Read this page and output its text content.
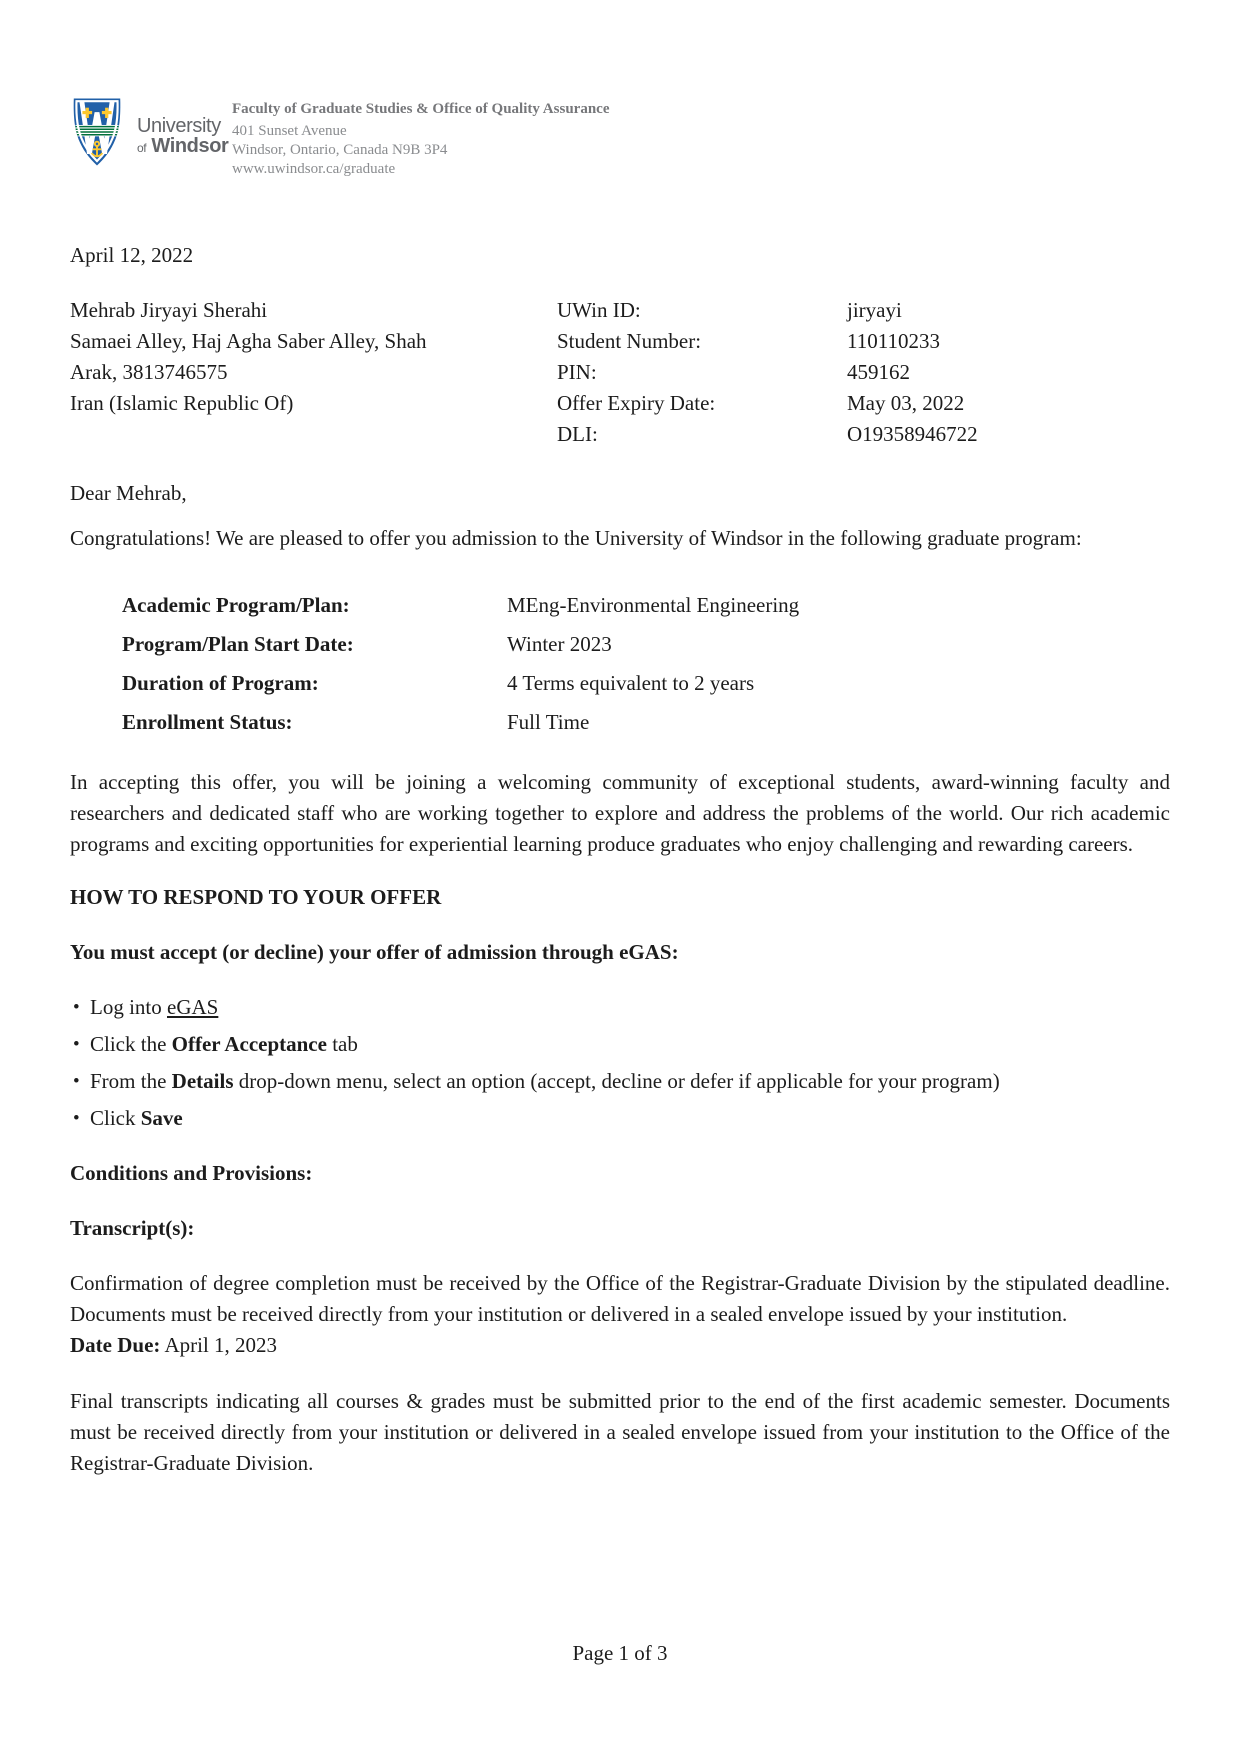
University
of Windsor
Faculty of Graduate Studies & Office of Quality Assurance
401 Sunset Avenue
Windsor, Ontario, Canada N9B 3P4
www.uwindsor.ca/graduate

April 12, 2022

Mehrab Jiryayi Sherahi
Samaei Alley, Haj Agha Saber Alley, Shah
Arak, 3813746575
Iran (Islamic Republic Of)
UWin ID:	jiryayi
Student Number:	110110233
PIN:	459162
Offer Expiry Date:	May 03, 2022
DLI:	O19358946722

Dear Mehrab,

Congratulations! We are pleased to offer you admission to the University of Windsor in the following graduate program:

Academic Program/Plan:	MEng-Environmental Engineering
Program/Plan Start Date:	Winter 2023
Duration of Program:	4 Terms equivalent to 2 years
Enrollment Status:	Full Time

In accepting this offer, you will be joining a welcoming community of exceptional students, award-winning faculty and researchers and dedicated staff who are working together to explore and address the problems of the world. Our rich academic programs and exciting opportunities for experiential learning produce graduates who enjoy challenging and rewarding careers.

HOW TO RESPOND TO YOUR OFFER

You must accept (or decline) your offer of admission through eGAS:

• Log into eGAS
• Click the Offer Acceptance tab
• From the Details drop-down menu, select an option (accept, decline or defer if applicable for your program)
• Click Save

Conditions and Provisions:

Transcript(s):

Confirmation of degree completion must be received by the Office of the Registrar-Graduate Division by the stipulated deadline. Documents must be received directly from your institution or delivered in a sealed envelope issued by your institution.

Date Due: April 1, 2023

Final transcripts indicating all courses & grades must be submitted prior to the end of the first academic semester. Documents must be received directly from your institution or delivered in a sealed envelope issued from your institution to the Office of the Registrar-Graduate Division.

Page 1 of 3
